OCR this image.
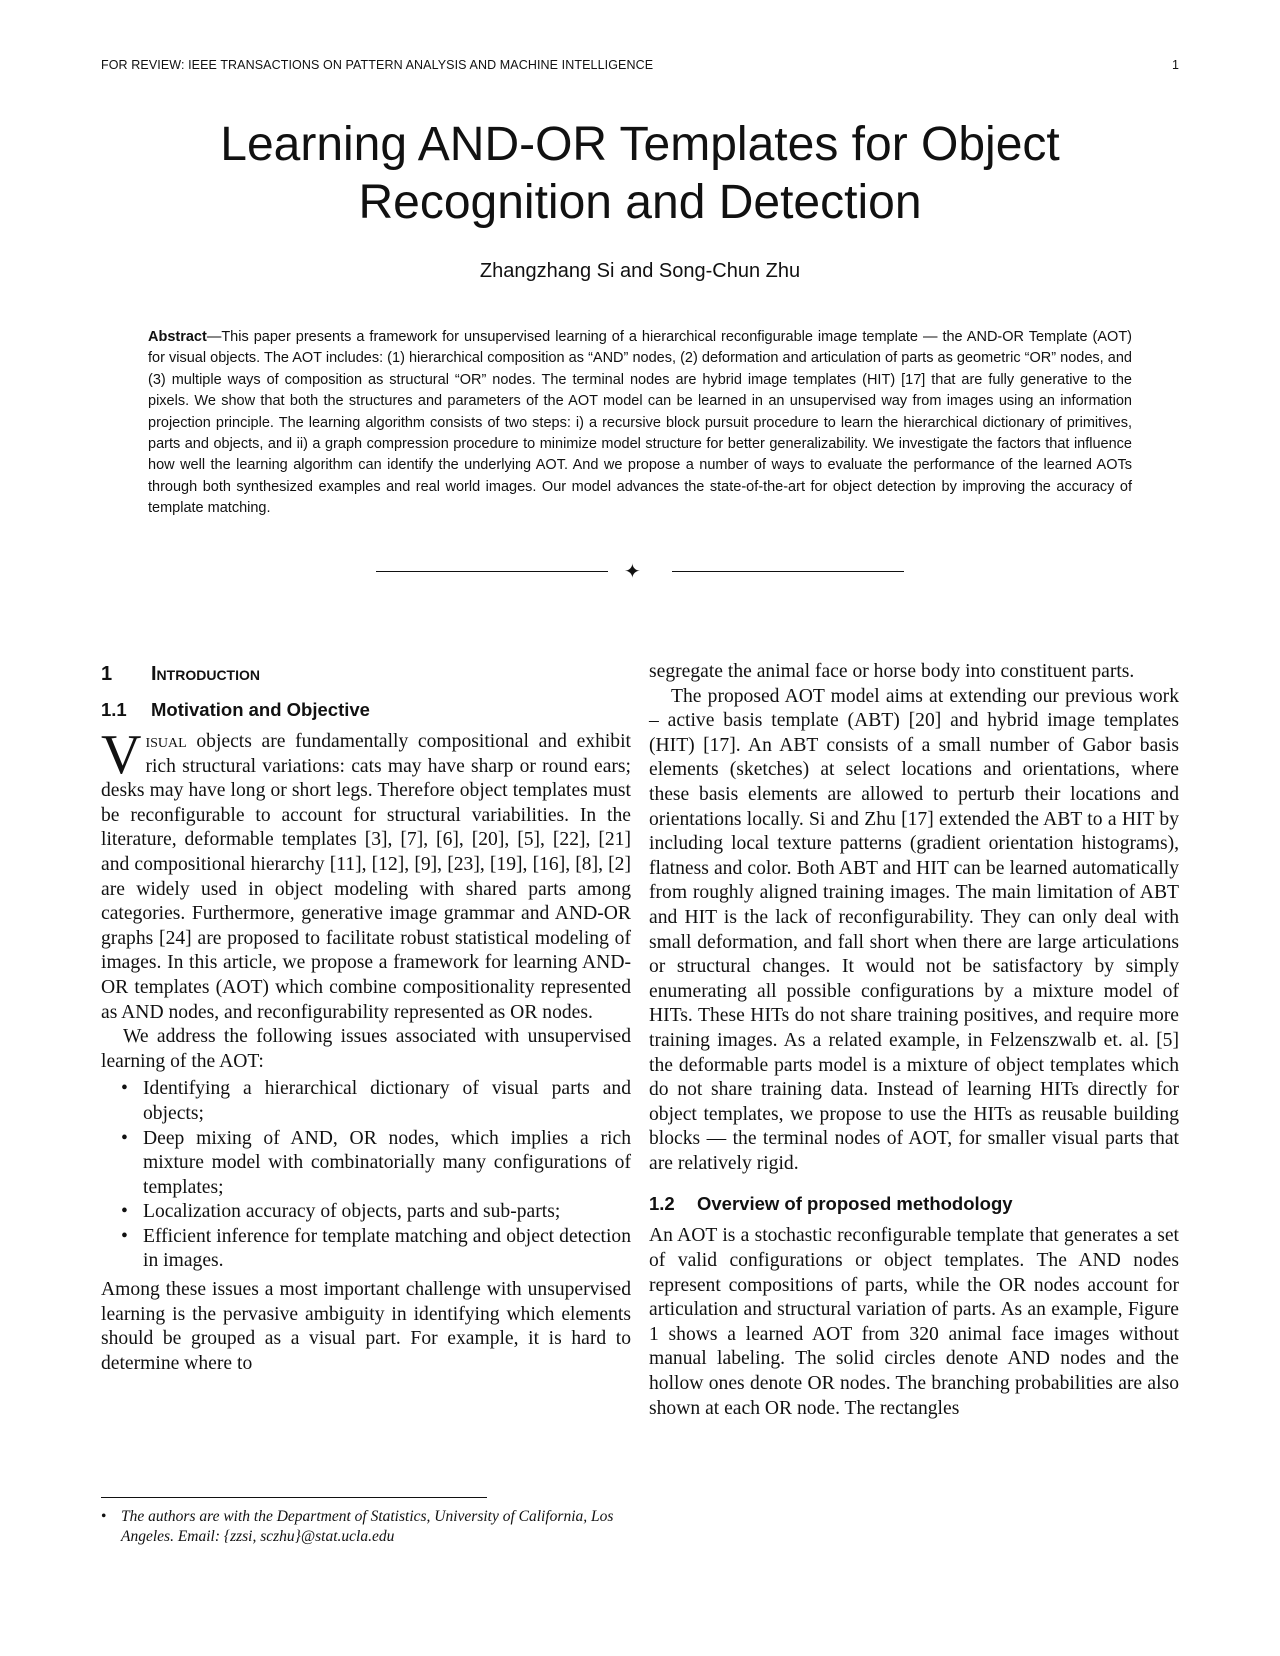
FOR REVIEW: IEEE TRANSACTIONS ON PATTERN ANALYSIS AND MACHINE INTELLIGENCE	1
Learning AND-OR Templates for Object Recognition and Detection
Zhangzhang Si and Song-Chun Zhu

Abstract—This paper presents a framework for unsupervised learning of a hierarchical reconfigurable image template — the AND-OR Template (AOT) for visual objects. The AOT includes: (1) hierarchical composition as “AND” nodes, (2) deformation and articulation of parts as geometric “OR” nodes, and (3) multiple ways of composition as structural “OR” nodes. The terminal nodes are hybrid image templates (HIT) [17] that are fully generative to the pixels. We show that both the structures and parameters of the AOT model can be learned in an unsupervised way from images using an information projection principle. The learning algorithm consists of two steps: i) a recursive block pursuit procedure to learn the hierarchical dictionary of primitives, parts and objects, and ii) a graph compression procedure to minimize model structure for better generalizability. We investigate the factors that influence how well the learning algorithm can identify the underlying AOT. And we propose a number of ways to evaluate the performance of the learned AOTs through both synthesized examples and real world images. Our model advances the state-of-the-art for object detection by improving the accuracy of template matching.

✦
1 Introduction
1.1 Motivation and Objective

V isual objects are fundamentally compositional and exhibit rich structural variations: cats may have sharp or round ears; desks may have long or short legs. Therefore object templates must be reconfigurable to account for structural variabilities. In the literature, deformable templates [3], [7], [6], [20], [5], [22], [21] and compositional hierarchy [11], [12], [9], [23], [19], [16], [8], [2] are widely used in object modeling with shared parts among categories. Furthermore, generative image grammar and AND-OR graphs [24] are proposed to facilitate robust statistical modeling of images. In this article, we propose a framework for learning AND-OR templates (AOT) which combine compositionality represented as AND nodes, and reconfigurability represented as OR nodes.

We address the following issues associated with unsupervised learning of the AOT:

• Identifying a hierarchical dictionary of visual parts and objects;
• Deep mixing of AND, OR nodes, which implies a rich mixture model with combinatorially many configurations of templates;
• Localization accuracy of objects, parts and sub-parts;
• Efficient inference for template matching and object detection in images.

Among these issues a most important challenge with unsupervised learning is the pervasive ambiguity in identifying which elements should be grouped as a visual part. For example, it is hard to determine where to

• The authors are with the Department of Statistics, University of California, Los Angeles. Email: {zzsi, sczhu}@stat.ucla.edu

segregate the animal face or horse body into constituent parts.

The proposed AOT model aims at extending our previous work – active basis template (ABT) [20] and hybrid image templates (HIT) [17]. An ABT consists of a small number of Gabor basis elements (sketches) at select locations and orientations, where these basis elements are allowed to perturb their locations and orientations locally. Si and Zhu [17] extended the ABT to a HIT by including local texture patterns (gradient orientation histograms), flatness and color. Both ABT and HIT can be learned automatically from roughly aligned training images. The main limitation of ABT and HIT is the lack of reconfigurability. They can only deal with small deformation, and fall short when there are large articulations or structural changes. It would not be satisfactory by simply enumerating all possible configurations by a mixture model of HITs. These HITs do not share training positives, and require more training images. As a related example, in Felzenszwalb et. al. [5] the deformable parts model is a mixture of object templates which do not share training data. Instead of learning HITs directly for object templates, we propose to use the HITs as reusable building blocks — the terminal nodes of AOT, for smaller visual parts that are relatively rigid.

1.2 Overview of proposed methodology

An AOT is a stochastic reconfigurable template that generates a set of valid configurations or object templates. The AND nodes represent compositions of parts, while the OR nodes account for articulation and structural variation of parts. As an example, Figure 1 shows a learned AOT from 320 animal face images without manual labeling. The solid circles denote AND nodes and the hollow ones denote OR nodes. The branching probabilities are also shown at each OR node. The rectangles
